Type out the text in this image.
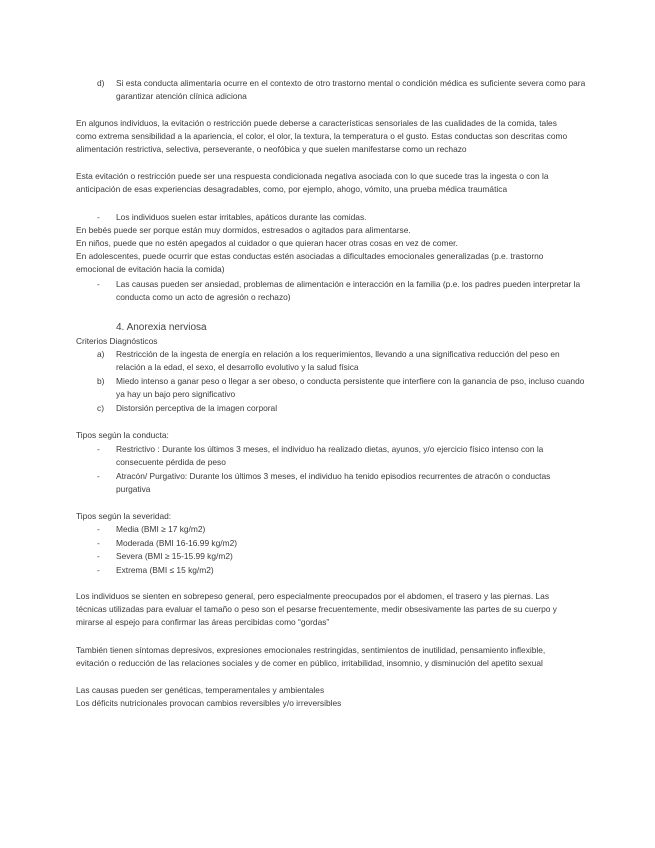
d) Si esta conducta alimentaria ocurre en el contexto de otro trastorno mental o condición médica es suficiente severa como para garantizar atención clínica adiciona

En algunos individuos, la evitación o restricción puede deberse a características sensoriales de las cualidades de la comida, tales como extrema sensibilidad a la apariencia, el color, el olor, la textura, la temperatura o el gusto. Estas conductas son descritas como alimentación restrictiva, selectiva, perseverante, o neofóbica y que suelen manifestarse como un rechazo

Esta evitación o restricción puede ser una respuesta condicionada negativa asociada con lo que sucede tras la ingesta o con la anticipación de esas experiencias desagradables, como, por ejemplo, ahogo, vómito, una prueba médica traumática

- Los individuos suelen estar irritables, apáticos durante las comidas.
En bebés puede ser porque están muy dormidos, estresados o agitados para alimentarse.
En niños, puede que no estén apegados al cuidador o que quieran hacer otras cosas en vez de comer.

En adolescentes, puede ocurrir que estas conductas estén asociadas a dificultades emocionales generalizadas (p.e. trastorno emocional de evitación hacia la comida)

- Las causas pueden ser ansiedad, problemas de alimentación e interacción en la familia (p.e. los padres pueden interpretar la conducta como un acto de agresión o rechazo)

4. Anorexia nerviosa
Criterios Diagnósticos
a) Restricción de la ingesta de energía en relación a los requerimientos, llevando a una significativa reducción del peso en relación a la edad, el sexo, el desarrollo evolutivo y la salud física

b) Miedo intenso a ganar peso o llegar a ser obeso, o conducta persistente que interfiere con la ganancia de pso, incluso cuando ya hay un bajo pero significativo

c) Distorsión perceptiva de la imagen corporal
Tipos según la conducta:
- Restrictivo : Durante los últimos 3 meses, el individuo ha realizado dietas, ayunos, y/o ejercicio físico intenso con la consecuente pérdida de peso

- Atracón/ Purgativo: Durante los últimos 3 meses, el individuo ha tenido episodios recurrentes de atracón o conductas purgativa

Tipos según la severidad:
- Media (BMI ≥ 17 kg/m2)
- Moderada (BMI 16-16.99 kg/m2)
- Severa (BMI ≥ 15-15.99 kg/m2)
- Extrema (BMI ≤ 15 kg/m2)

Los individuos se sienten en sobrepeso general, pero especialmente preocupados por el abdomen, el trasero y las piernas. Las técnicas utilizadas para evaluar el tamaño o peso son el pesarse frecuentemente, medir obsesivamente las partes de su cuerpo y mirarse al espejo para confirmar las áreas percibidas como “gordas”

También tienen síntomas depresivos, expresiones emocionales restringidas, sentimientos de inutilidad, pensamiento inflexible, evitación o reducción de las relaciones sociales y de comer en público, irritabilidad, insomnio, y disminución del apetito sexual

Las causas pueden ser genéticas, temperamentales y ambientales
Los déficits nutricionales provocan cambios reversibles y/o irreversibles
